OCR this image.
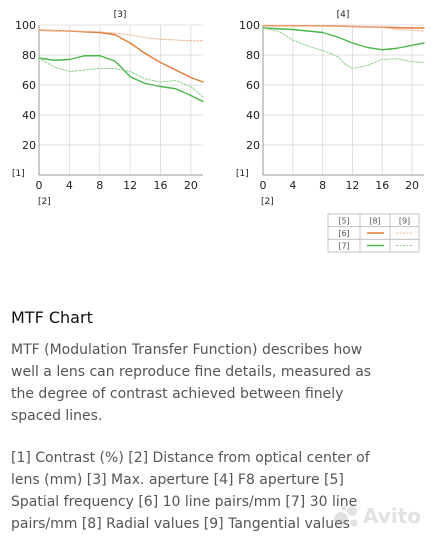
20
40
60
80
100
0 4 8 12 16 20
[3]
[1]
[2]
20
40
60
80
100
0 4 8 12 16 20
[4]
[1]
[2]
[5] [8] [9]
[6]
[7]
MTF Chart

MTF (Modulation Transfer Function) describes how well a lens can reproduce fine details, measured as the degree of contrast achieved between finely spaced lines.

[1] Contrast (%) [2] Distance from optical center of lens (mm) [3] Max. aperture [4] F8 aperture [5] Spatial frequency [6] 10 line pairs/mm [7] 30 line pairs/mm [8] Radial values [9] Tangential values Avito
